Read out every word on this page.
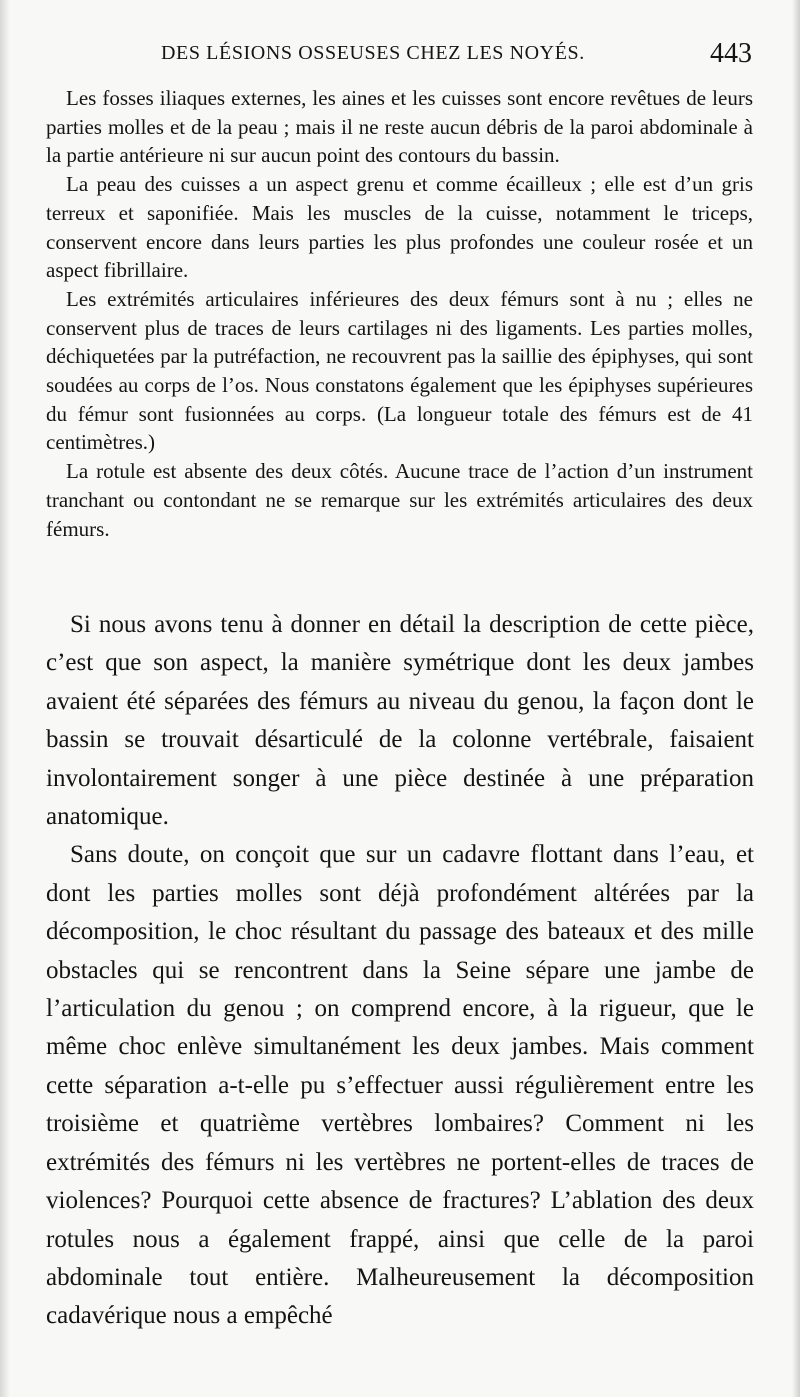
DES LÉSIONS OSSEUSES CHEZ LES NOYÉS.	443

Les fosses iliaques externes, les aines et les cuisses sont encore revêtues de leurs parties molles et de la peau ; mais il ne reste aucun débris de la paroi abdominale à la partie antérieure ni sur aucun point des contours du bassin.

La peau des cuisses a un aspect grenu et comme écailleux ; elle est d’un gris terreux et saponifiée. Mais les muscles de la cuisse, notamment le triceps, conservent encore dans leurs parties les plus profondes une couleur rosée et un aspect fibrillaire.

Les extrémités articulaires inférieures des deux fémurs sont à nu ; elles ne conservent plus de traces de leurs cartilages ni des ligaments. Les parties molles, déchiquetées par la putréfaction, ne recouvrent pas la saillie des épiphyses, qui sont soudées au corps de l’os. Nous constatons également que les épiphyses supérieures du fémur sont fusionnées au corps. (La longueur totale des fémurs est de 41 centimètres.)

La rotule est absente des deux côtés. Aucune trace de l’action d’un instrument tranchant ou contondant ne se remarque sur les extrémités articulaires des deux fémurs.

Si nous avons tenu à donner en détail la description de cette pièce, c’est que son aspect, la manière symétrique dont les deux jambes avaient été séparées des fémurs au niveau du genou, la façon dont le bassin se trouvait désarticulé de la colonne vertébrale, faisaient involontairement songer à une pièce destinée à une préparation anatomique.

Sans doute, on conçoit que sur un cadavre flottant dans l’eau, et dont les parties molles sont déjà profondément altérées par la décomposition, le choc résultant du passage des bateaux et des mille obstacles qui se rencontrent dans la Seine sépare une jambe de l’articulation du genou ; on comprend encore, à la rigueur, que le même choc enlève simultanément les deux jambes. Mais comment cette séparation a-t-elle pu s’effectuer aussi régulièrement entre les troisième et quatrième vertèbres lombaires? Comment ni les extrémités des fémurs ni les vertèbres ne portent-elles de traces de violences? Pourquoi cette absence de fractures? L’ablation des deux rotules nous a également frappé, ainsi que celle de la paroi abdominale tout entière. Malheureusement la décomposition cadavérique nous a empêché
